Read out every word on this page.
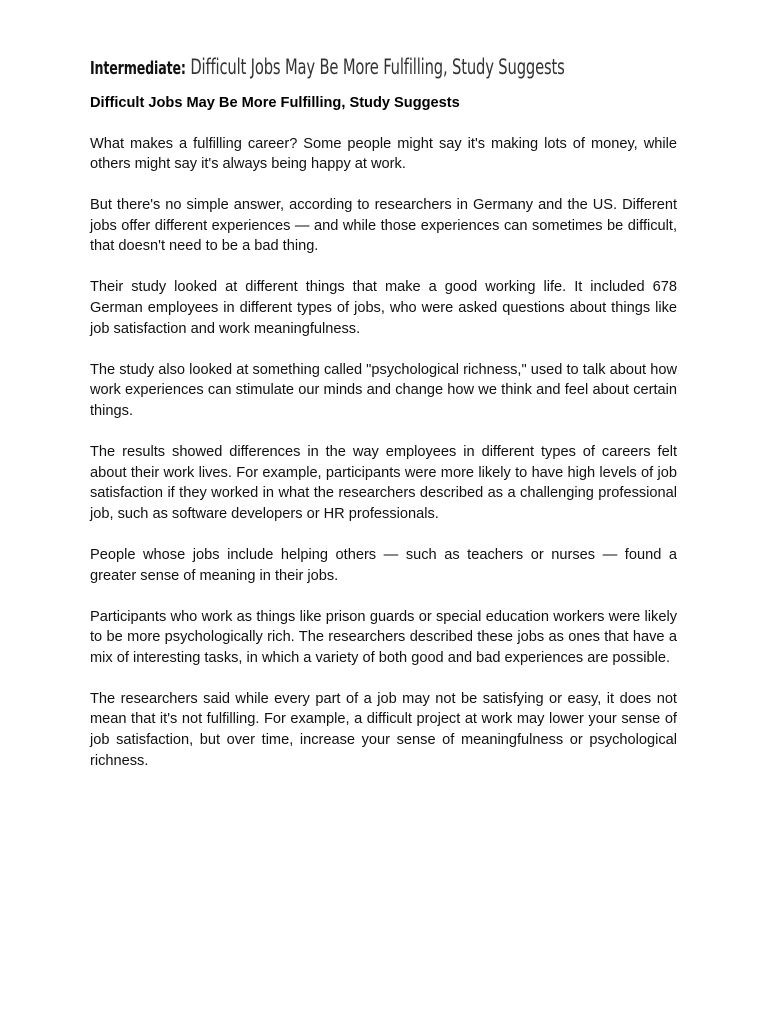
Intermediate: Difficult Jobs May Be More Fulfilling, Study Suggests
Difficult Jobs May Be More Fulfilling, Study Suggests

What makes a fulfilling career? Some people might say it's making lots of money, while others might say it's always being happy at work.

But there's no simple answer, according to researchers in Germany and the US. Different jobs offer different experiences — and while those experiences can sometimes be difficult, that doesn't need to be a bad thing.

Their study looked at different things that make a good working life. It included 678 German employees in different types of jobs, who were asked questions about things like job satisfaction and work meaningfulness.

The study also looked at something called "psychological richness," used to talk about how work experiences can stimulate our minds and change how we think and feel about certain things.

The results showed differences in the way employees in different types of careers felt about their work lives. For example, participants were more likely to have high levels of job satisfaction if they worked in what the researchers described as a challenging professional job, such as software developers or HR professionals.

People whose jobs include helping others — such as teachers or nurses — found a greater sense of meaning in their jobs.

Participants who work as things like prison guards or special education workers were likely to be more psychologically rich. The researchers described these jobs as ones that have a mix of interesting tasks, in which a variety of both good and bad experiences are possible.

The researchers said while every part of a job may not be satisfying or easy, it does not mean that it's not fulfilling. For example, a difficult project at work may lower your sense of job satisfaction, but over time, increase your sense of meaningfulness or psychological richness.
